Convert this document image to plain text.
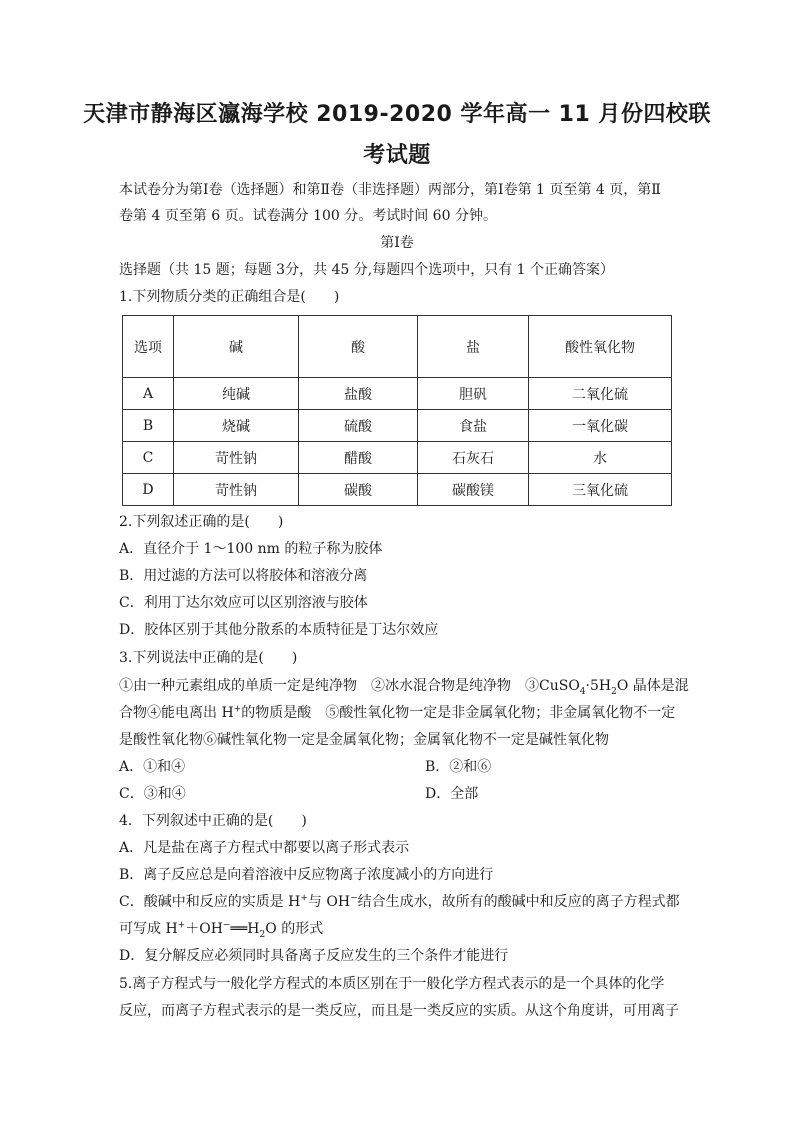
天津市静海区瀛海学校 2019-2020 学年高一 11 月份四校联
考试题
本试卷分为第Ⅰ卷（选择题）和第Ⅱ卷（非选择题）两部分，第Ⅰ卷第 1 页至第 4 页，第Ⅱ
卷第 4 页至第 6 页。试卷满分 100 分。考试时间 60 分钟。
第Ⅰ卷
选择题（共 15 题；每题 3分，共 45 分,每题四个选项中，只有 1 个正确答案）
1.下列物质分类的正确组合是(　　)
选项	碱	酸	盐	酸性氧化物
A	纯碱	盐酸	胆矾	二氧化硫
B	烧碱	硫酸	食盐	一氧化碳
C	苛性钠	醋酸	石灰石	水
D	苛性钠	碳酸	碳酸镁	三氧化硫
2.下列叙述正确的是(　　)
A．直径介于 1～100 nm 的粒子称为胶体
B．用过滤的方法可以将胶体和溶液分离
C．利用丁达尔效应可以区别溶液与胶体
D．胶体区别于其他分散系的本质特征是丁达尔效应
3.下列说法中正确的是(　　)
①由一种元素组成的单质一定是纯净物　②冰水混合物是纯净物　$③CuSO_4\cdot 5H_2O$ 晶体是混
合物④能电离出 H+的物质是酸　⑤酸性氧化物一定是非金属氧化物；非金属氧化物不一定
是酸性氧化物⑥碱性氧化物一定是金属氧化物；金属氧化物不一定是碱性氧化物
A．①和④	B．②和⑥
C．③和④	D．全部
4．下列叙述中正确的是(　　)
A．凡是盐在离子方程式中都要以离子形式表示
B．离子反应总是向着溶液中反应物离子浓度减小的方向进行
C．酸碱中和反应的实质是 H+与 OH−结合生成水，故所有的酸碱中和反应的离子方程式都
可写成 $H^++OH^-══H_2O$ 的形式
D．复分解反应必须同时具备离子反应发生的三个条件才能进行
5.离子方程式与一般化学方程式的本质区别在于一般化学方程式表示的是一个具体的化学
反应，而离子方程式表示的是一类反应，而且是一类反应的实质。从这个角度讲，可用离子
